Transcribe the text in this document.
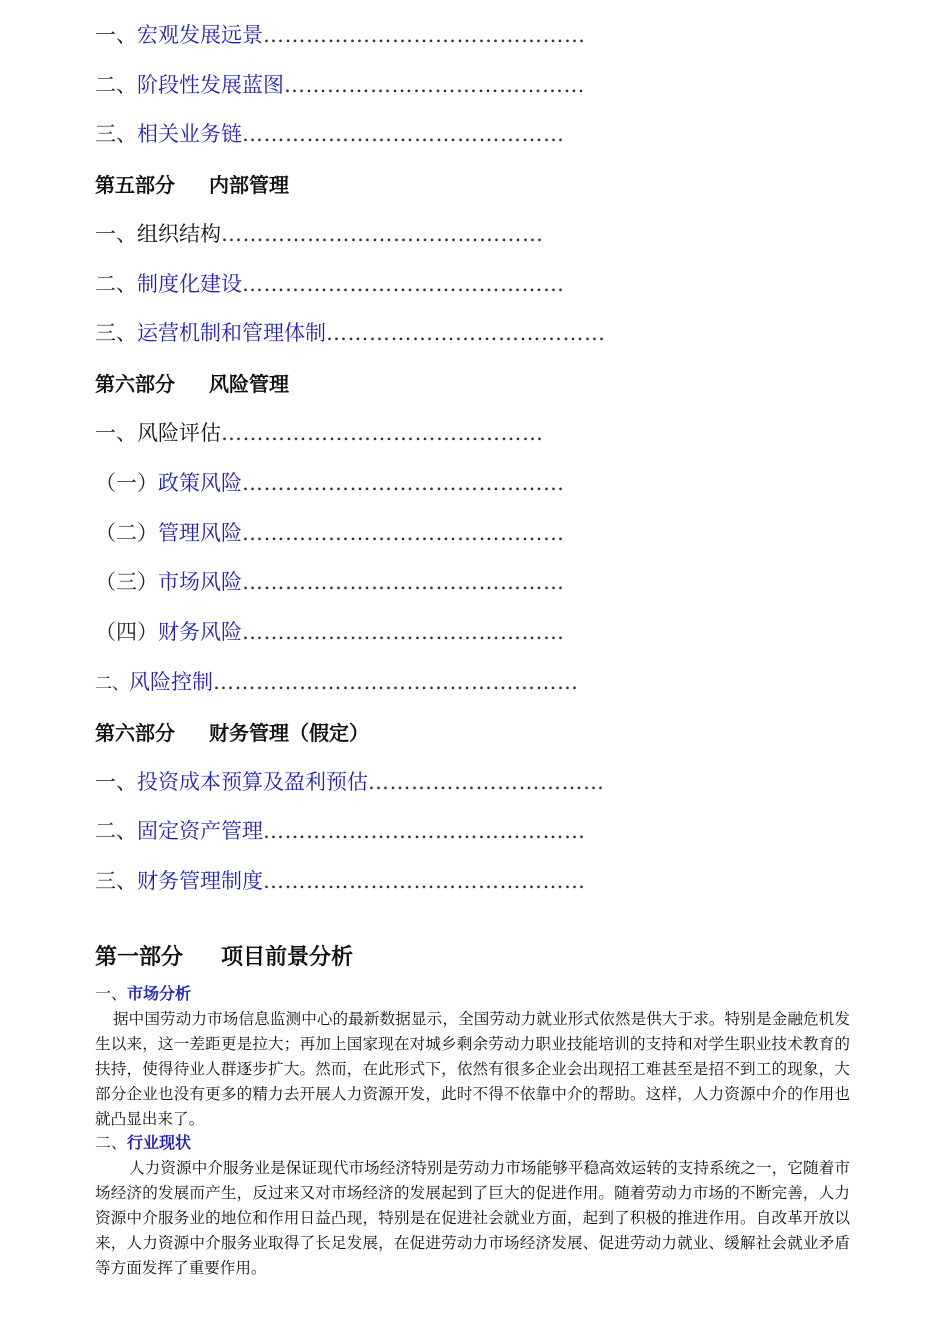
一、宏观发展远景………………………………………
二、阶段性发展蓝图……………………………………
三、相关业务链………………………………………
第五部分 内部管理
一、组织结构………………………………………
二、制度化建设………………………………………
三、运营机制和管理体制…………………………………
第六部分 风险管理
一、风险评估………………………………………
（一）政策风险………………………………………
（二）管理风险………………………………………
（三）市场风险………………………………………
（四）财务风险………………………………………
二、风险控制……………………………………………
第六部分 财务管理（假定）
一、投资成本预算及盈利预估……………………………
二、固定资产管理………………………………………
三、财务管理制度………………………………………
第一部分 项目前景分析
一、市场分析

据中国劳动力市场信息监测中心的最新数据显示，全国劳动力就业形式依然是供大于求。特别是金融危机发生以来，这一差距更是拉大；再加上国家现在对城乡剩余劳动力职业技能培训的支持和对学生职业技术教育的扶持，使得待业人群逐步扩大。然而，在此形式下，依然有很多企业会出现招工难甚至是招不到工的现象，大部分企业也没有更多的精力去开展人力资源开发，此时不得不依靠中介的帮助。这样，人力资源中介的作用也就凸显出来了。

二、行业现状

人力资源中介服务业是保证现代市场经济特别是劳动力市场能够平稳高效运转的支持系统之一，它随着市场经济的发展而产生，反过来又对市场经济的发展起到了巨大的促进作用。随着劳动力市场的不断完善，人力资源中介服务业的地位和作用日益凸现，特别是在促进社会就业方面，起到了积极的推进作用。自改革开放以来，人力资源中介服务业取得了长足发展，在促进劳动力市场经济发展、促进劳动力就业、缓解社会就业矛盾等方面发挥了重要作用。
